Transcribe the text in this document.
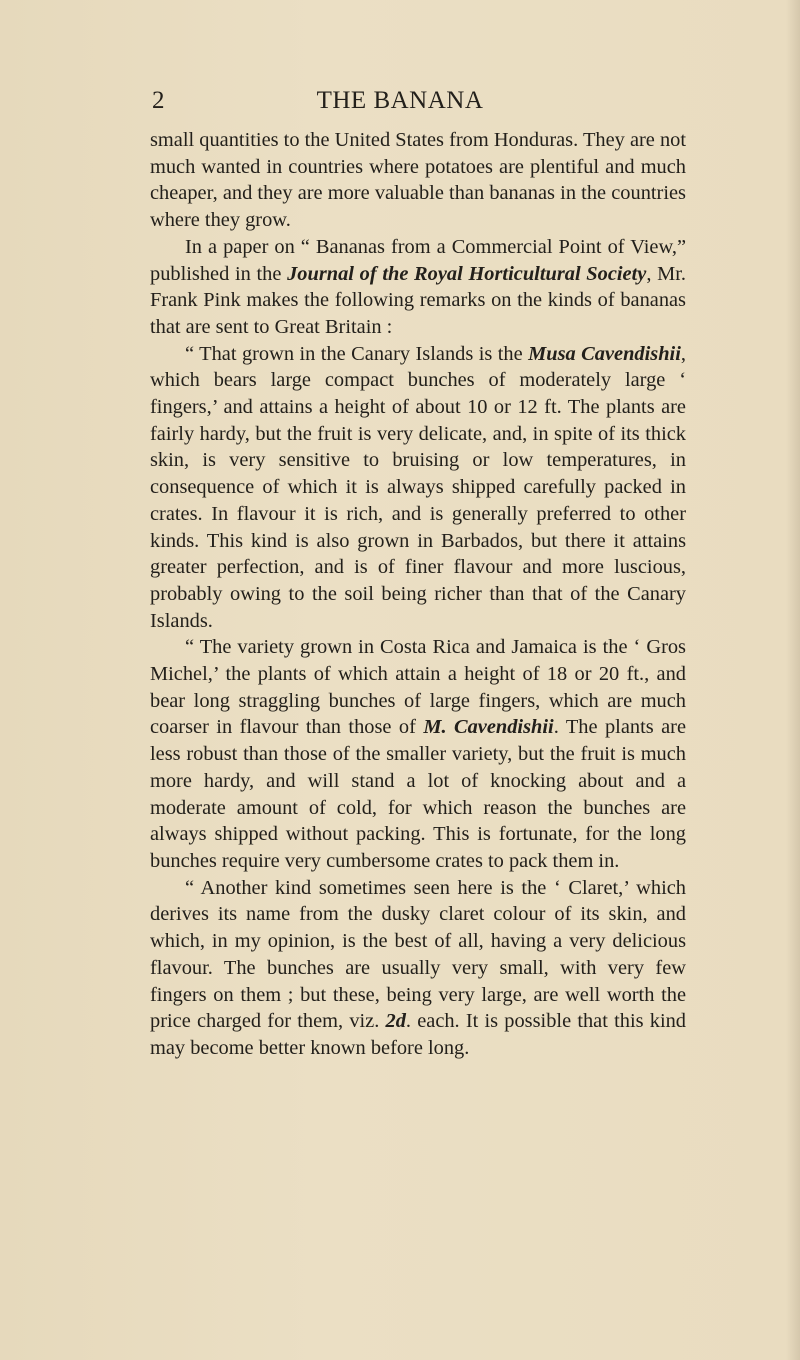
2	THE BANANA

small quantities to the United States from Honduras. They are not much wanted in countries where potatoes are plentiful and much cheaper, and they are more valuable than bananas in the countries where they grow.

In a paper on “ Bananas from a Commercial Point of View,” published in the Journal of the Royal Horticultural Society, Mr. Frank Pink makes the following remarks on the kinds of bananas that are sent to Great Britain :

“ That grown in the Canary Islands is the Musa Cavendishii, which bears large compact bunches of moderately large ‘ fingers,’ and attains a height of about 10 or 12 ft. The plants are fairly hardy, but the fruit is very delicate, and, in spite of its thick skin, is very sensitive to bruising or low temperatures, in consequence of which it is always shipped carefully packed in crates. In flavour it is rich, and is generally preferred to other kinds. This kind is also grown in Barbados, but there it attains greater perfection, and is of finer flavour and more luscious, probably owing to the soil being richer than that of the Canary Islands.

“ The variety grown in Costa Rica and Jamaica is the ‘ Gros Michel,’ the plants of which attain a height of 18 or 20 ft., and bear long straggling bunches of large fingers, which are much coarser in flavour than those of M. Cavendishii. The plants are less robust than those of the smaller variety, but the fruit is much more hardy, and will stand a lot of knocking about and a moderate amount of cold, for which reason the bunches are always shipped without packing. This is fortunate, for the long bunches require very cumbersome crates to pack them in.

“ Another kind sometimes seen here is the ‘ Claret,’ which derives its name from the dusky claret colour of its skin, and which, in my opinion, is the best of all, having a very delicious flavour. The bunches are usually very small, with very few fingers on them ; but these, being very large, are well worth the price charged for them, viz. 2d. each. It is possible that this kind may become better known before long.
